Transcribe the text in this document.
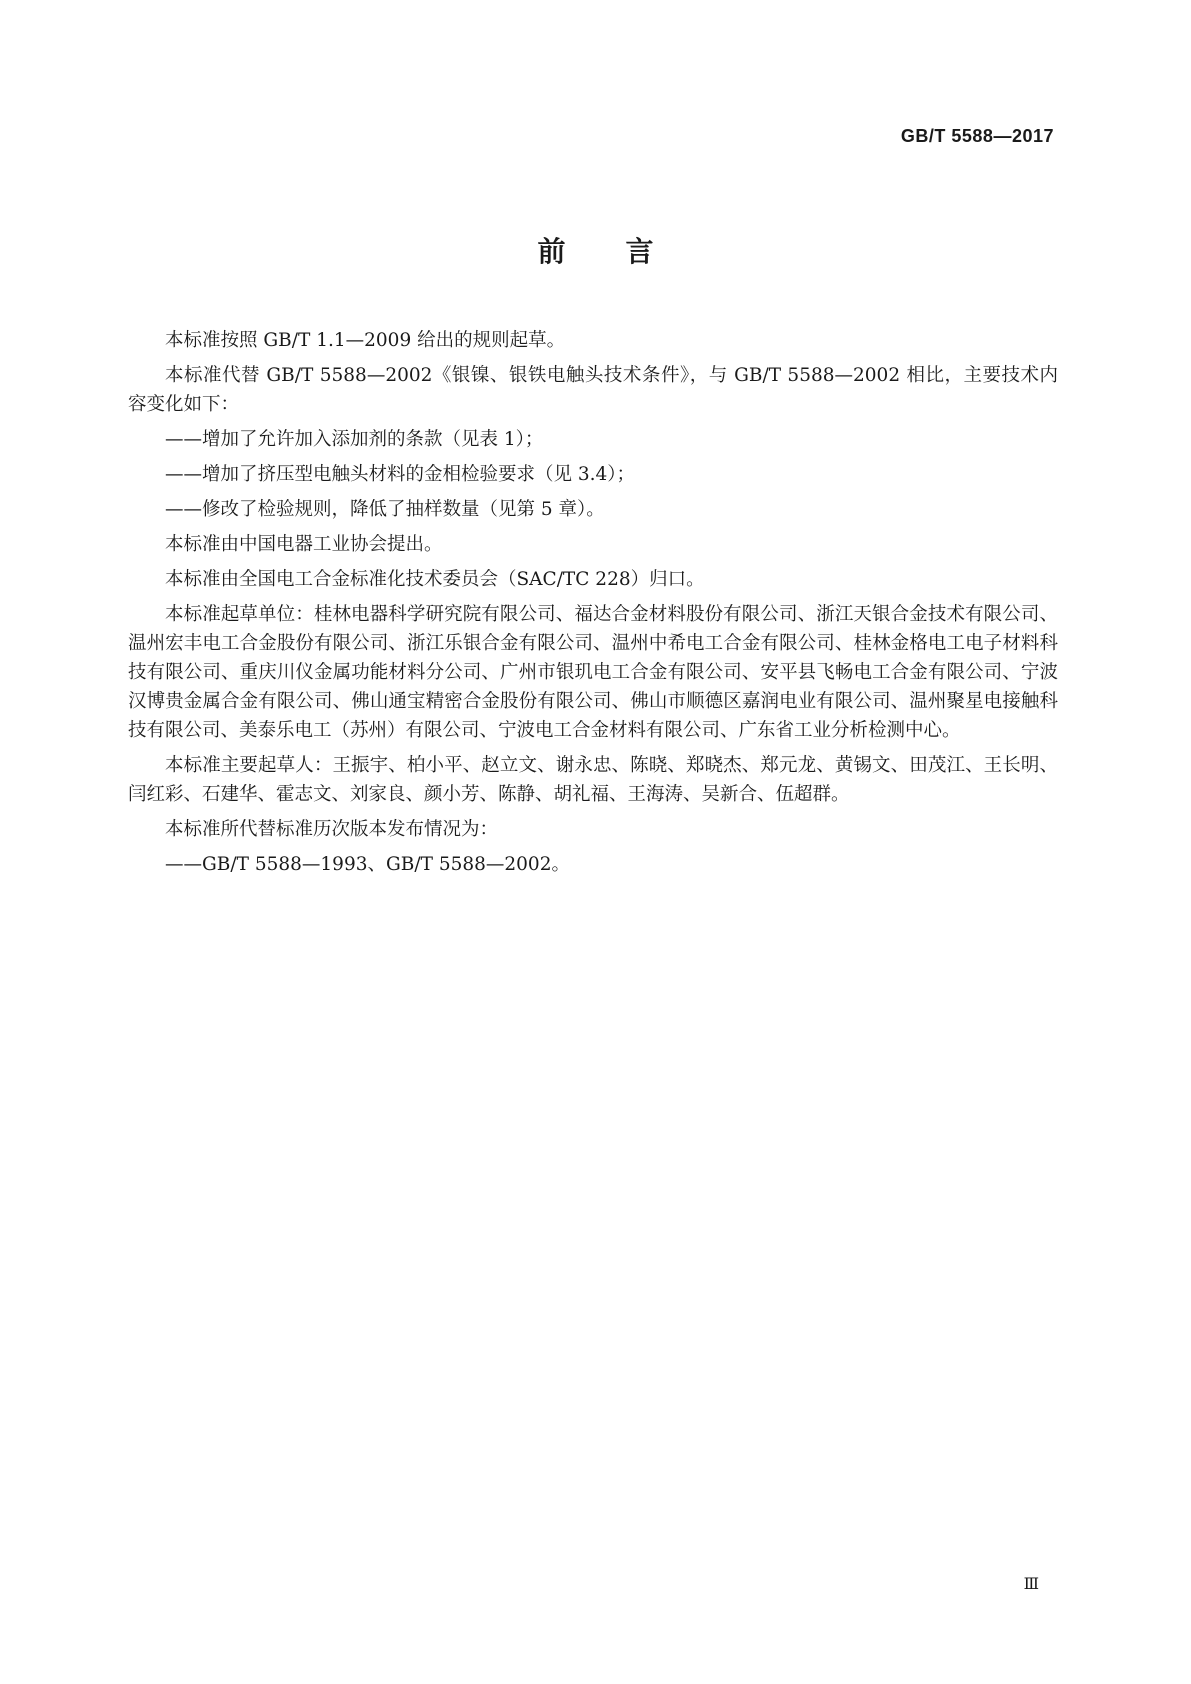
GB/T 5588—2017
前言

本标准按照 GB/T 1.1—2009 给出的规则起草。

本标准代替 GB/T 5588—2002《银镍、银铁电触头技术条件》，与 GB/T 5588—2002 相比，主要技术内容变化如下：

——增加了允许加入添加剂的条款（见表 1）；

——增加了挤压型电触头材料的金相检验要求（见 3.4）；

——修改了检验规则，降低了抽样数量（见第 5 章）。

本标准由中国电器工业协会提出。

本标准由全国电工合金标准化技术委员会（SAC/TC 228）归口。

本标准起草单位：桂林电器科学研究院有限公司、福达合金材料股份有限公司、浙江天银合金技术有限公司、温州宏丰电工合金股份有限公司、浙江乐银合金有限公司、温州中希电工合金有限公司、桂林金格电工电子材料科技有限公司、重庆川仪金属功能材料分公司、广州市银玑电工合金有限公司、安平县飞畅电工合金有限公司、宁波汉博贵金属合金有限公司、佛山通宝精密合金股份有限公司、佛山市顺德区嘉润电业有限公司、温州聚星电接触科技有限公司、美泰乐电工（苏州）有限公司、宁波电工合金材料有限公司、广东省工业分析检测中心。

本标准主要起草人：王振宇、柏小平、赵立文、谢永忠、陈晓、郑晓杰、郑元龙、黄锡文、田茂江、王长明、闫红彩、石建华、霍志文、刘家良、颜小芳、陈静、胡礼福、王海涛、吴新合、伍超群。

本标准所代替标准历次版本发布情况为：

——GB/T 5588—1993、GB/T 5588—2002。

Ⅲ
